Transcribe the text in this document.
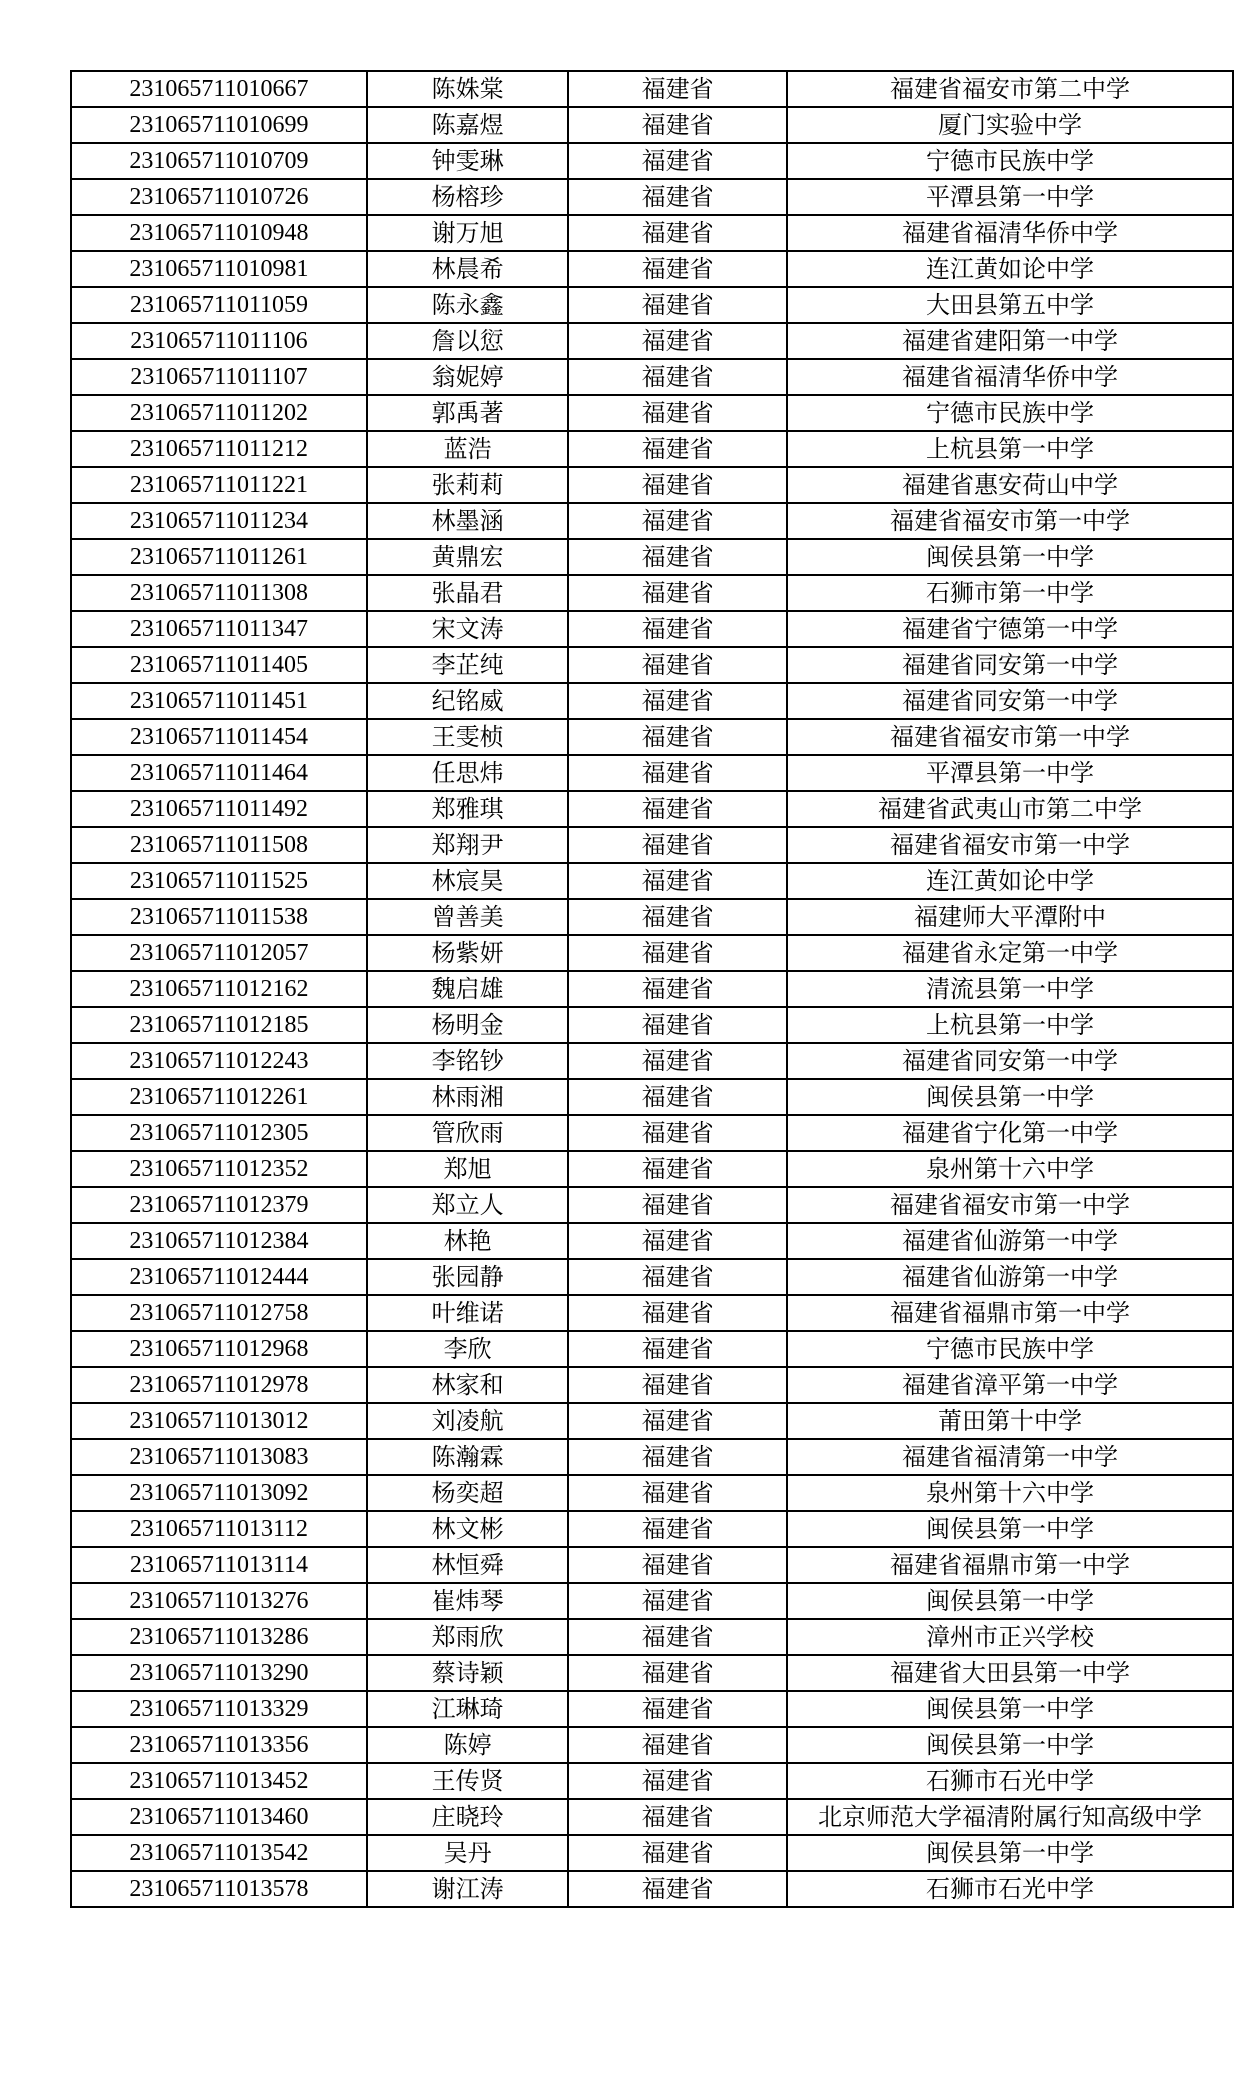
231065711010667	陈姝棠	福建省	福建省福安市第二中学
231065711010699	陈嘉煜	福建省	厦门实验中学
231065711010709	钟雯琳	福建省	宁德市民族中学
231065711010726	杨榕珍	福建省	平潭县第一中学
231065711010948	谢万旭	福建省	福建省福清华侨中学
231065711010981	林晨希	福建省	连江黄如论中学
231065711011059	陈永鑫	福建省	大田县第五中学
231065711011106	詹以愆	福建省	福建省建阳第一中学
231065711011107	翁妮婷	福建省	福建省福清华侨中学
231065711011202	郭禹著	福建省	宁德市民族中学
231065711011212	蓝浩	福建省	上杭县第一中学
231065711011221	张莉莉	福建省	福建省惠安荷山中学
231065711011234	林墨涵	福建省	福建省福安市第一中学
231065711011261	黄鼎宏	福建省	闽侯县第一中学
231065711011308	张晶君	福建省	石狮市第一中学
231065711011347	宋文涛	福建省	福建省宁德第一中学
231065711011405	李芷纯	福建省	福建省同安第一中学
231065711011451	纪铭威	福建省	福建省同安第一中学
231065711011454	王雯桢	福建省	福建省福安市第一中学
231065711011464	任思炜	福建省	平潭县第一中学
231065711011492	郑雅琪	福建省	福建省武夷山市第二中学
231065711011508	郑翔尹	福建省	福建省福安市第一中学
231065711011525	林宸昊	福建省	连江黄如论中学
231065711011538	曾善美	福建省	福建师大平潭附中
231065711012057	杨紫妍	福建省	福建省永定第一中学
231065711012162	魏启雄	福建省	清流县第一中学
231065711012185	杨明金	福建省	上杭县第一中学
231065711012243	李铭钞	福建省	福建省同安第一中学
231065711012261	林雨湘	福建省	闽侯县第一中学
231065711012305	管欣雨	福建省	福建省宁化第一中学
231065711012352	郑旭	福建省	泉州第十六中学
231065711012379	郑立人	福建省	福建省福安市第一中学
231065711012384	林艳	福建省	福建省仙游第一中学
231065711012444	张园静	福建省	福建省仙游第一中学
231065711012758	叶维诺	福建省	福建省福鼎市第一中学
231065711012968	李欣	福建省	宁德市民族中学
231065711012978	林家和	福建省	福建省漳平第一中学
231065711013012	刘凌航	福建省	莆田第十中学
231065711013083	陈瀚霖	福建省	福建省福清第一中学
231065711013092	杨奕超	福建省	泉州第十六中学
231065711013112	林文彬	福建省	闽侯县第一中学
231065711013114	林恒舜	福建省	福建省福鼎市第一中学
231065711013276	崔炜琴	福建省	闽侯县第一中学
231065711013286	郑雨欣	福建省	漳州市正兴学校
231065711013290	蔡诗颖	福建省	福建省大田县第一中学
231065711013329	江琳琦	福建省	闽侯县第一中学
231065711013356	陈婷	福建省	闽侯县第一中学
231065711013452	王传贤	福建省	石狮市石光中学
231065711013460	庄晓玲	福建省	北京师范大学福清附属行知高级中学
231065711013542	吴丹	福建省	闽侯县第一中学
231065711013578	谢江涛	福建省	石狮市石光中学
